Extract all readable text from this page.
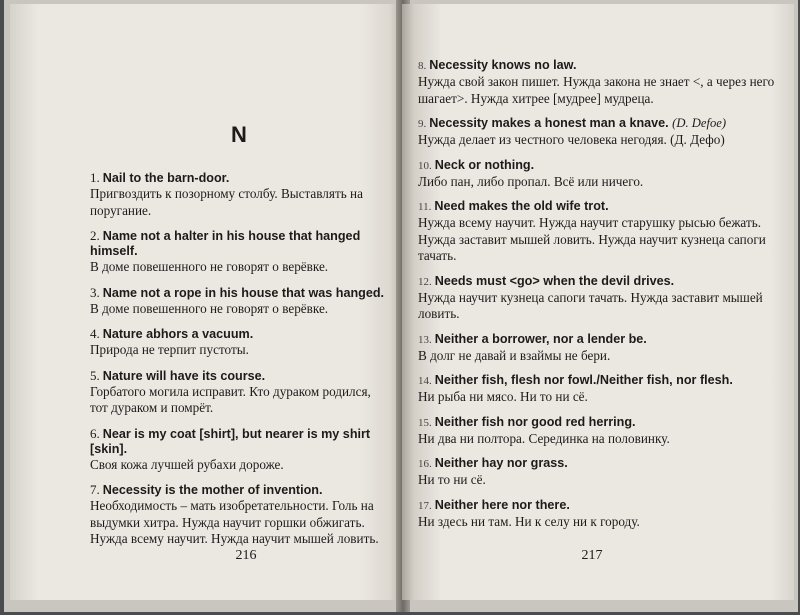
N
1. Nail to the barn-door.
Пригвоздить к позорному столбу. Выставлять на поругание.
2. Name not a halter in his house that hanged himself.
В доме повешенного не говорят о верёвке.
3. Name not a rope in his house that was hanged.
В доме повешенного не говорят о верёвке.
4. Nature abhors a vacuum.
Природа не терпит пустоты.
5. Nature will have its course.
Горбатого могила исправит. Кто дураком родился, тот дураком и помрёт.
6. Near is my coat [shirt], but nearer is my shirt [skin].
Своя кожа лучшей рубахи дороже.
7. Necessity is the mother of invention.
Необходимость – мать изобретательности. Голь на выдумки хитра. Нужда научит горшки обжигать. Нужда всему научит. Нужда научит мышей ловить.
216
8. Necessity knows no law.
Нужда свой закон пишет. Нужда закона не знает <, а через него шагает>. Нужда хитрее [мудрее] мудреца.
9. Necessity makes a honest man a knave. (D. Defoe)
Нужда делает из честного человека негодяя. (Д. Дефо)
10. Neck or nothing.
Либо пан, либо пропал. Всё или ничего.
11. Need makes the old wife trot.
Нужда всему научит. Нужда научит старушку рысью бежать. Нужда заставит мышей ловить. Нужда научит кузнеца сапоги тачать.
12. Needs must <go> when the devil drives.
Нужда научит кузнеца сапоги тачать. Нужда заставит мышей ловить.
13. Neither a borrower, nor a lender be.
В долг не давай и взаймы не бери.
14. Neither fish, flesh nor fowl./Neither fish, nor flesh.
Ни рыба ни мясо. Ни то ни сё.
15. Neither fish nor good red herring.
Ни два ни полтора. Серединка на половинку.
16. Neither hay nor grass.
Ни то ни сё.
17. Neither here nor there.
Ни здесь ни там. Ни к селу ни к городу.
217
